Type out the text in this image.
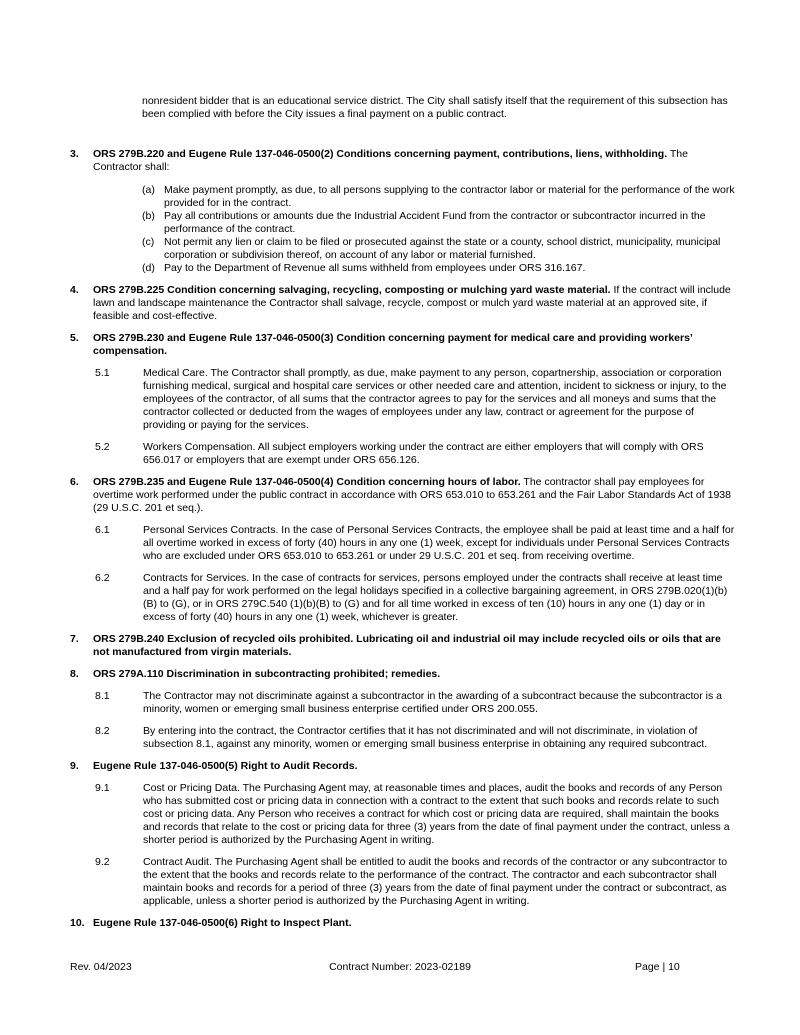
nonresident bidder that is an educational service district. The City shall satisfy itself that the requirement of this subsection has been complied with before the City issues a final payment on a public contract.

3.	ORS 279B.220 and Eugene Rule 137-046-0500(2) Conditions concerning payment, contributions, liens, withholding. The Contractor shall:

(a) Make payment promptly, as due, to all persons supplying to the contractor labor or material for the performance of the work provided for in the contract.

(b) Pay all contributions or amounts due the Industrial Accident Fund from the contractor or subcontractor incurred in the performance of the contract.

(c) Not permit any lien or claim to be filed or prosecuted against the state or a county, school district, municipality, municipal corporation or subdivision thereof, on account of any labor or material furnished.

(d) Pay to the Department of Revenue all sums withheld from employees under ORS 316.167.

4.	ORS 279B.225 Condition concerning salvaging, recycling, composting or mulching yard waste material. If the contract will include lawn and landscape maintenance the Contractor shall salvage, recycle, compost or mulch yard waste material at an approved site, if feasible and cost-effective.

5.	ORS 279B.230 and Eugene Rule 137-046-0500(3) Condition concerning payment for medical care and providing workers’ compensation.

5.1	Medical Care. The Contractor shall promptly, as due, make payment to any person, copartnership, association or corporation furnishing medical, surgical and hospital care services or other needed care and attention, incident to sickness or injury, to the employees of the contractor, of all sums that the contractor agrees to pay for the services and all moneys and sums that the contractor collected or deducted from the wages of employees under any law, contract or agreement for the purpose of providing or paying for the services.

5.2	Workers Compensation. All subject employers working under the contract are either employers that will comply with ORS 656.017 or employers that are exempt under ORS 656.126.

6.	ORS 279B.235 and Eugene Rule 137-046-0500(4) Condition concerning hours of labor. The contractor shall pay employees for overtime work performed under the public contract in accordance with ORS 653.010 to 653.261 and the Fair Labor Standards Act of 1938 (29 U.S.C. 201 et seq.).

6.1	Personal Services Contracts. In the case of Personal Services Contracts, the employee shall be paid at least time and a half for all overtime worked in excess of forty (40) hours in any one (1) week, except for individuals under Personal Services Contracts who are excluded under ORS 653.010 to 653.261 or under 29 U.S.C. 201 et seq. from receiving overtime.

6.2	Contracts for Services. In the case of contracts for services, persons employed under the contracts shall receive at least time and a half pay for work performed on the legal holidays specified in a collective bargaining agreement, in ORS 279B.020(1)(b)(B) to (G), or in ORS 279C.540 (1)(b)(B) to (G) and for all time worked in excess of ten (10) hours in any one (1) day or in excess of forty (40) hours in any one (1) week, whichever is greater.

7.	ORS 279B.240 Exclusion of recycled oils prohibited. Lubricating oil and industrial oil may include recycled oils or oils that are not manufactured from virgin materials.

8.	ORS 279A.110 Discrimination in subcontracting prohibited; remedies.

8.1	The Contractor may not discriminate against a subcontractor in the awarding of a subcontract because the subcontractor is a minority, women or emerging small business enterprise certified under ORS 200.055.

8.2	By entering into the contract, the Contractor certifies that it has not discriminated and will not discriminate, in violation of subsection 8.1, against any minority, women or emerging small business enterprise in obtaining any required subcontract.

9.	Eugene Rule 137-046-0500(5) Right to Audit Records.

9.1	Cost or Pricing Data. The Purchasing Agent may, at reasonable times and places, audit the books and records of any Person who has submitted cost or pricing data in connection with a contract to the extent that such books and records relate to such cost or pricing data. Any Person who receives a contract for which cost or pricing data are required, shall maintain the books and records that relate to the cost or pricing data for three (3) years from the date of final payment under the contract, unless a shorter period is authorized by the Purchasing Agent in writing.

9.2	Contract Audit. The Purchasing Agent shall be entitled to audit the books and records of the contractor or any subcontractor to the extent that the books and records relate to the performance of the contract. The contractor and each subcontractor shall maintain books and records for a period of three (3) years from the date of final payment under the contract or subcontract, as applicable, unless a shorter period is authorized by the Purchasing Agent in writing.

10. Eugene Rule 137-046-0500(6) Right to Inspect Plant.

Rev. 04/2023	Contract Number: 2023-02189	Page | 10
